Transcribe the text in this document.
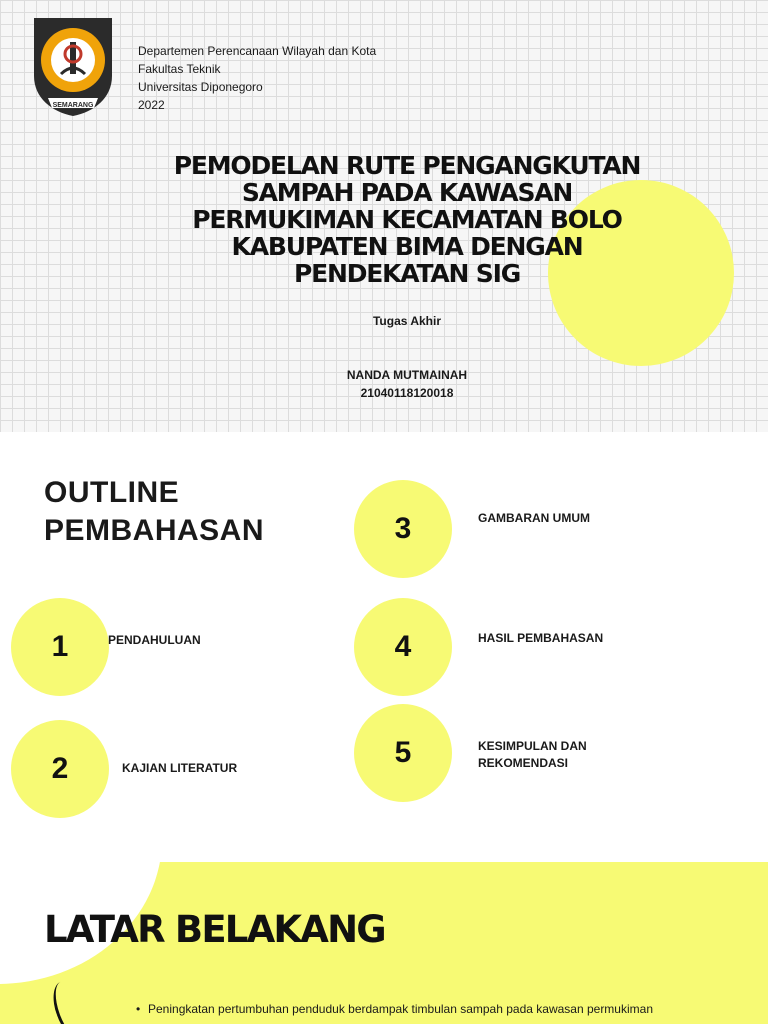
SEMARANG
Departemen Perencanaan Wilayah dan Kota
Fakultas Teknik
Universitas Diponegoro
2022
PEMODELAN RUTE PENGANGKUTAN
SAMPAH PADA KAWASAN
PERMUKIMAN KECAMATAN BOLO
KABUPATEN BIMA DENGAN
PENDEKATAN SIG
Tugas Akhir
NANDA MUTMAINAH
21040118120018
OUTLINE
PEMBAHASAN
1	PENDAHULUAN
2	KAJIAN LITERATUR
3	GAMBARAN UMUM
4	HASIL PEMBAHASAN
5	KESIMPULAN DAN
REKOMENDASI
LATAR BELAKANG
• Peningkatan pertumbuhan penduduk berdampak timbulan sampah pada kawasan permukiman
